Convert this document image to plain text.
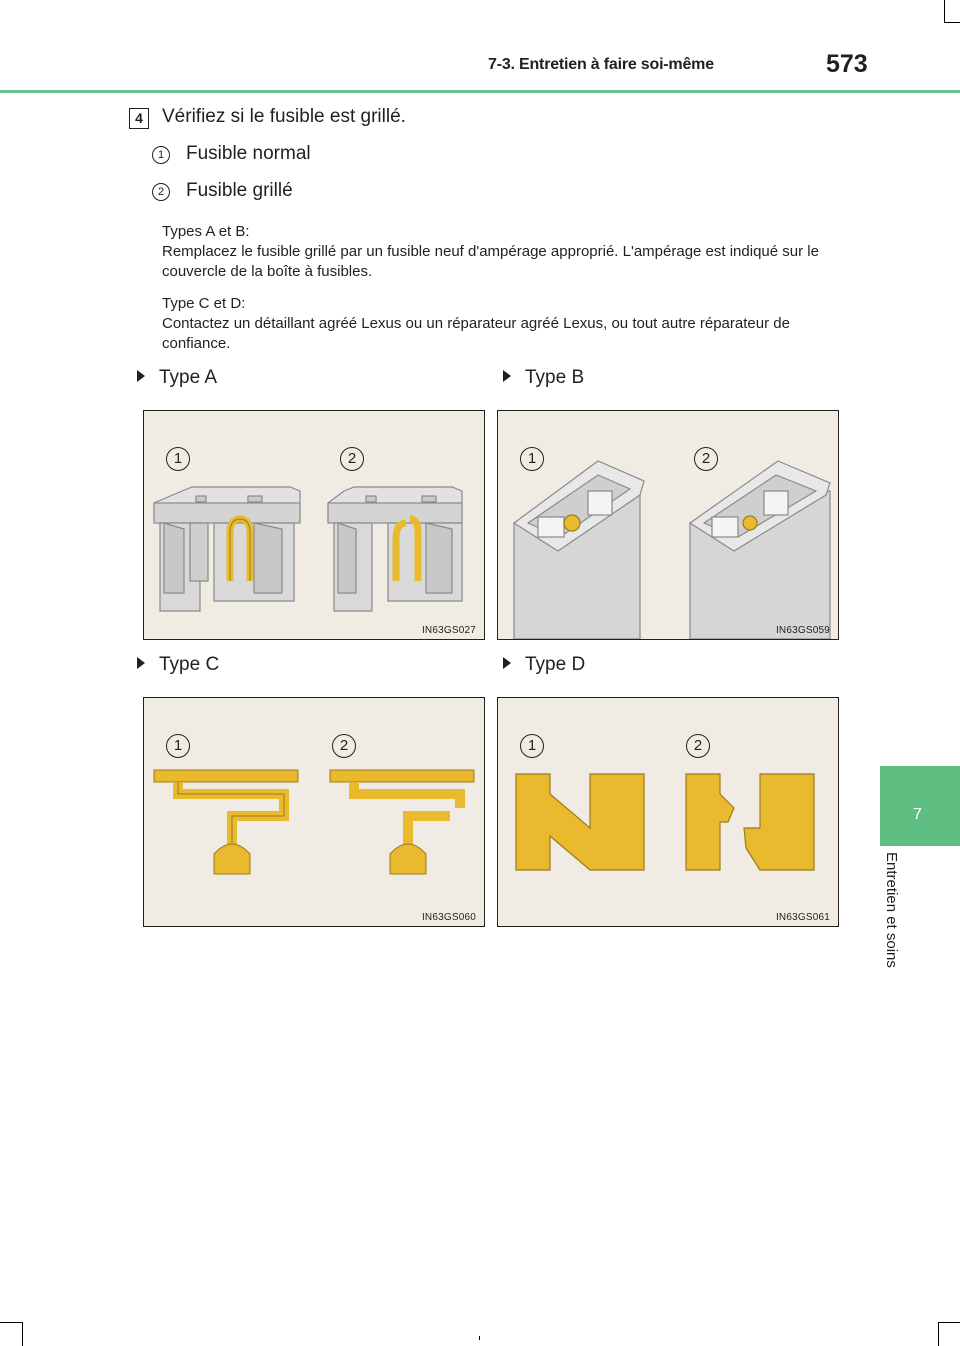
7-3. Entretien à faire soi-même	573
7
Entretien et soins
4	Vérifiez si le fusible est grillé.
1	Fusible normal
2	Fusible grillé
Types A et B:
Remplacez le fusible grillé par un fusible neuf d'ampérage approprié. L'ampérage est indiqué sur le couvercle de la boîte à fusibles.
Type C et D:
Contactez un détaillant agréé Lexus ou un réparateur agréé Lexus, ou tout autre réparateur de confiance.
Type A	Type B
Type C	Type D
1	2
IN63GS027
1	2
IN63GS059
1	2
IN63GS060
1	2
IN63GS061
